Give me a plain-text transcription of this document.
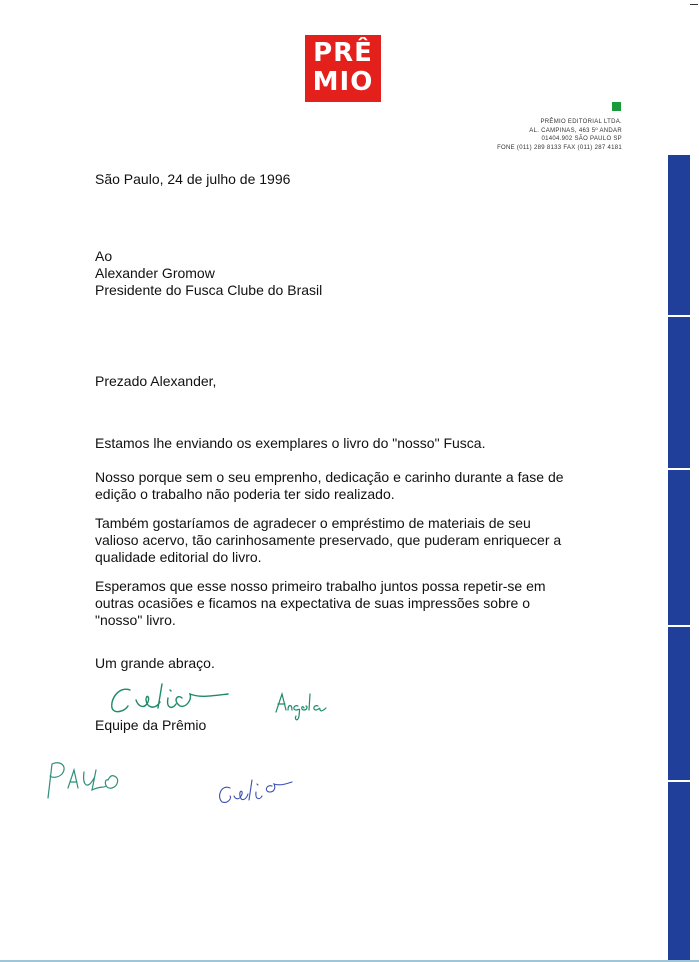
PRÊ
MIO
PRÊMIO EDITORIAL LTDA.
AL. CAMPINAS, 463 5º ANDAR
01404.902 SÃO PAULO SP
FONE (011) 289 8133 FAX (011) 287 4181
São Paulo, 24 de julho de 1996
Ao
Alexander Gromow
Presidente do Fusca Clube do Brasil
Prezado Alexander,
Estamos lhe enviando os exemplares o livro do "nosso" Fusca.
Nosso porque sem o seu emprenho, dedicação e carinho durante a fase de
edição o trabalho não poderia ter sido realizado.
Também gostaríamos de agradecer o empréstimo de materiais de seu
valioso acervo, tão carinhosamente preservado, que puderam enriquecer a
qualidade editorial do livro.
Esperamos que esse nosso primeiro trabalho juntos possa repetir-se em
outras ocasiões e ficamos na expectativa de suas impressões sobre o
"nosso" livro.
Um grande abraço.
Equipe da Prêmio
